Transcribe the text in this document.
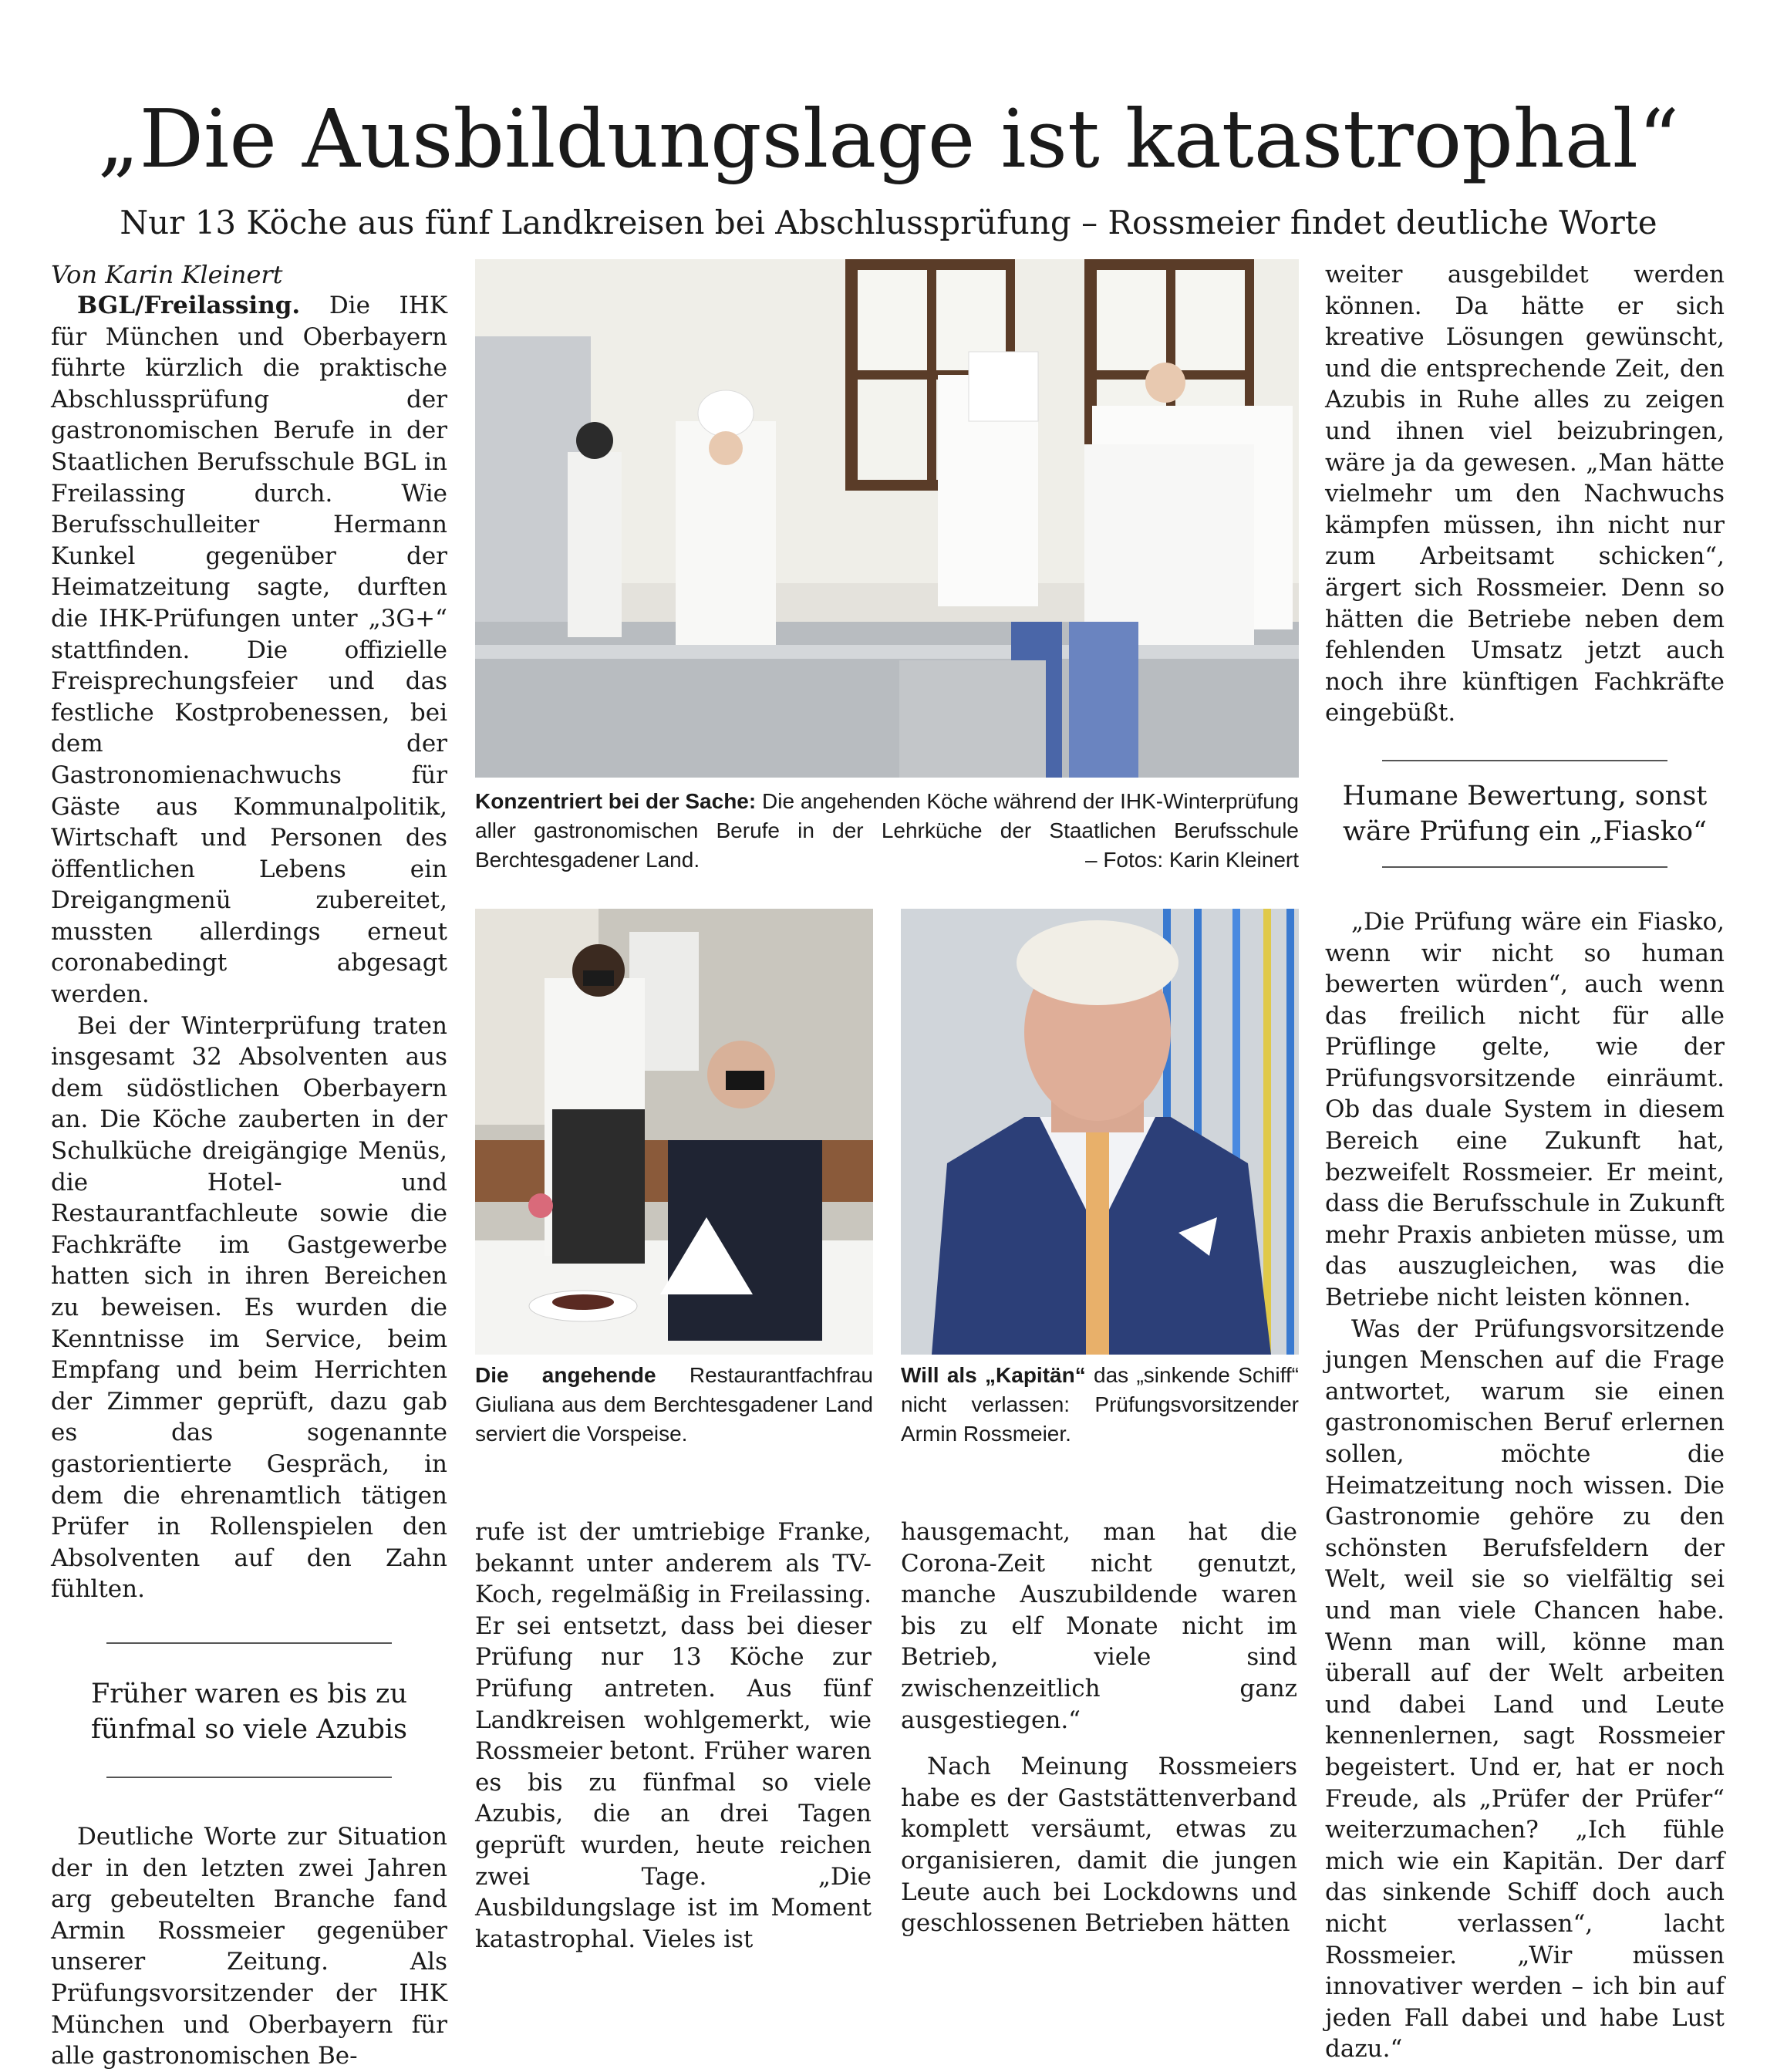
„Die Ausbildungslage ist katastrophal“
Nur 13 Köche aus fünf Landkreisen bei Abschlussprüfung – Rossmeier findet deutliche Worte

Von Karin Kleinert

BGL/Freilassing. Die IHK für München und Oberbayern führte kürzlich die praktische Abschlussprüfung der gastronomischen Berufe in der Staatlichen Berufsschule BGL in Freilassing durch. Wie Berufsschulleiter Hermann Kunkel gegenüber der Heimatzeitung sagte, durften die IHK-Prüfungen unter „3G+“ stattfinden. Die offizielle Freisprechungsfeier und das festliche Kostprobenessen, bei dem der Gastronomienachwuchs für Gäste aus Kommunalpolitik, Wirtschaft und Personen des öffentlichen Lebens ein Dreigangmenü zubereitet, mussten allerdings erneut coronabedingt abgesagt werden.

Bei der Winterprüfung traten insgesamt 32 Absolventen aus dem südöstlichen Oberbayern an. Die Köche zauberten in der Schulküche dreigängige Menüs, die Hotel- und Restaurantfachleute sowie die Fachkräfte im Gastgewerbe hatten sich in ihren Bereichen zu beweisen. Es wurden die Kenntnisse im Service, beim Empfang und beim Herrichten der Zimmer geprüft, dazu gab es das sogenannte gastorientierte Gespräch, in dem die ehrenamtlich tätigen Prüfer in Rollenspielen den Absolventen auf den Zahn fühlten.

Früher waren es bis zu fünfmal so viele Azubis

Deutliche Worte zur Situation der in den letzten zwei Jahren arg gebeutelten Branche fand Armin Rossmeier gegenüber unserer Zeitung. Als Prüfungsvorsitzender der IHK München und Oberbayern für alle gastronomischen Be-

Konzentriert bei der Sache: Die angehenden Köche während der IHK-Winterprüfung aller gastronomischen Berufe in der Lehrküche der Staatlichen Berufsschule Berchtesgadener Land.	– Fotos: Karin Kleinert
Die angehende Restaurantfachfrau Giuliana aus dem Berchtesgadener Land serviert die Vorspeise.
Will als „Kapitän“ das „sinkende Schiff“ nicht verlassen: Prüfungsvorsitzender Armin Rossmeier.

rufe ist der umtriebige Franke, bekannt unter anderem als TV-Koch, regelmäßig in Freilassing. Er sei entsetzt, dass bei dieser Prüfung nur 13 Köche zur Prüfung antreten. Aus fünf Landkreisen wohlgemerkt, wie Rossmeier betont. Früher waren es bis zu fünfmal so viele Azubis, die an drei Tagen geprüft wurden, heute reichen zwei Tage. „Die Ausbildungslage ist im Moment katastrophal. Vieles ist

hausgemacht, man hat die Corona-Zeit nicht genutzt, manche Auszubildende waren bis zu elf Monate nicht im Betrieb, viele sind zwischenzeitlich ganz ausgestiegen.“

Nach Meinung Rossmeiers habe es der Gaststättenverband komplett versäumt, etwas zu organisieren, damit die jungen Leute auch bei Lockdowns und geschlossenen Betrieben hätten

weiter ausgebildet werden können. Da hätte er sich kreative Lösungen gewünscht, und die entsprechende Zeit, den Azubis in Ruhe alles zu zeigen und ihnen viel beizubringen, wäre ja da gewesen. „Man hätte vielmehr um den Nachwuchs kämpfen müssen, ihn nicht nur zum Arbeitsamt schicken“, ärgert sich Rossmeier. Denn so hätten die Betriebe neben dem fehlenden Umsatz jetzt auch noch ihre künftigen Fachkräfte eingebüßt.

Humane Bewertung, sonst wäre Prüfung ein „Fiasko“

„Die Prüfung wäre ein Fiasko, wenn wir nicht so human bewerten würden“, auch wenn das freilich nicht für alle Prüflinge gelte, wie der Prüfungsvorsitzende einräumt. Ob das duale System in diesem Bereich eine Zukunft hat, bezweifelt Rossmeier. Er meint, dass die Berufsschule in Zukunft mehr Praxis anbieten müsse, um das auszugleichen, was die Betriebe nicht leisten können.

Was der Prüfungsvorsitzende jungen Menschen auf die Frage antwortet, warum sie einen gastronomischen Beruf erlernen sollen, möchte die Heimatzeitung noch wissen. Die Gastronomie gehöre zu den schönsten Berufsfeldern der Welt, weil sie so vielfältig sei und man viele Chancen habe. Wenn man will, könne man überall auf der Welt arbeiten und dabei Land und Leute kennenlernen, sagt Rossmeier begeistert. Und er, hat er noch Freude, als „Prüfer der Prüfer“ weiterzumachen? „Ich fühle mich wie ein Kapitän. Der darf das sinkende Schiff doch auch nicht verlassen“, lacht Rossmeier. „Wir müssen innovativer werden – ich bin auf jeden Fall dabei und habe Lust dazu.“
